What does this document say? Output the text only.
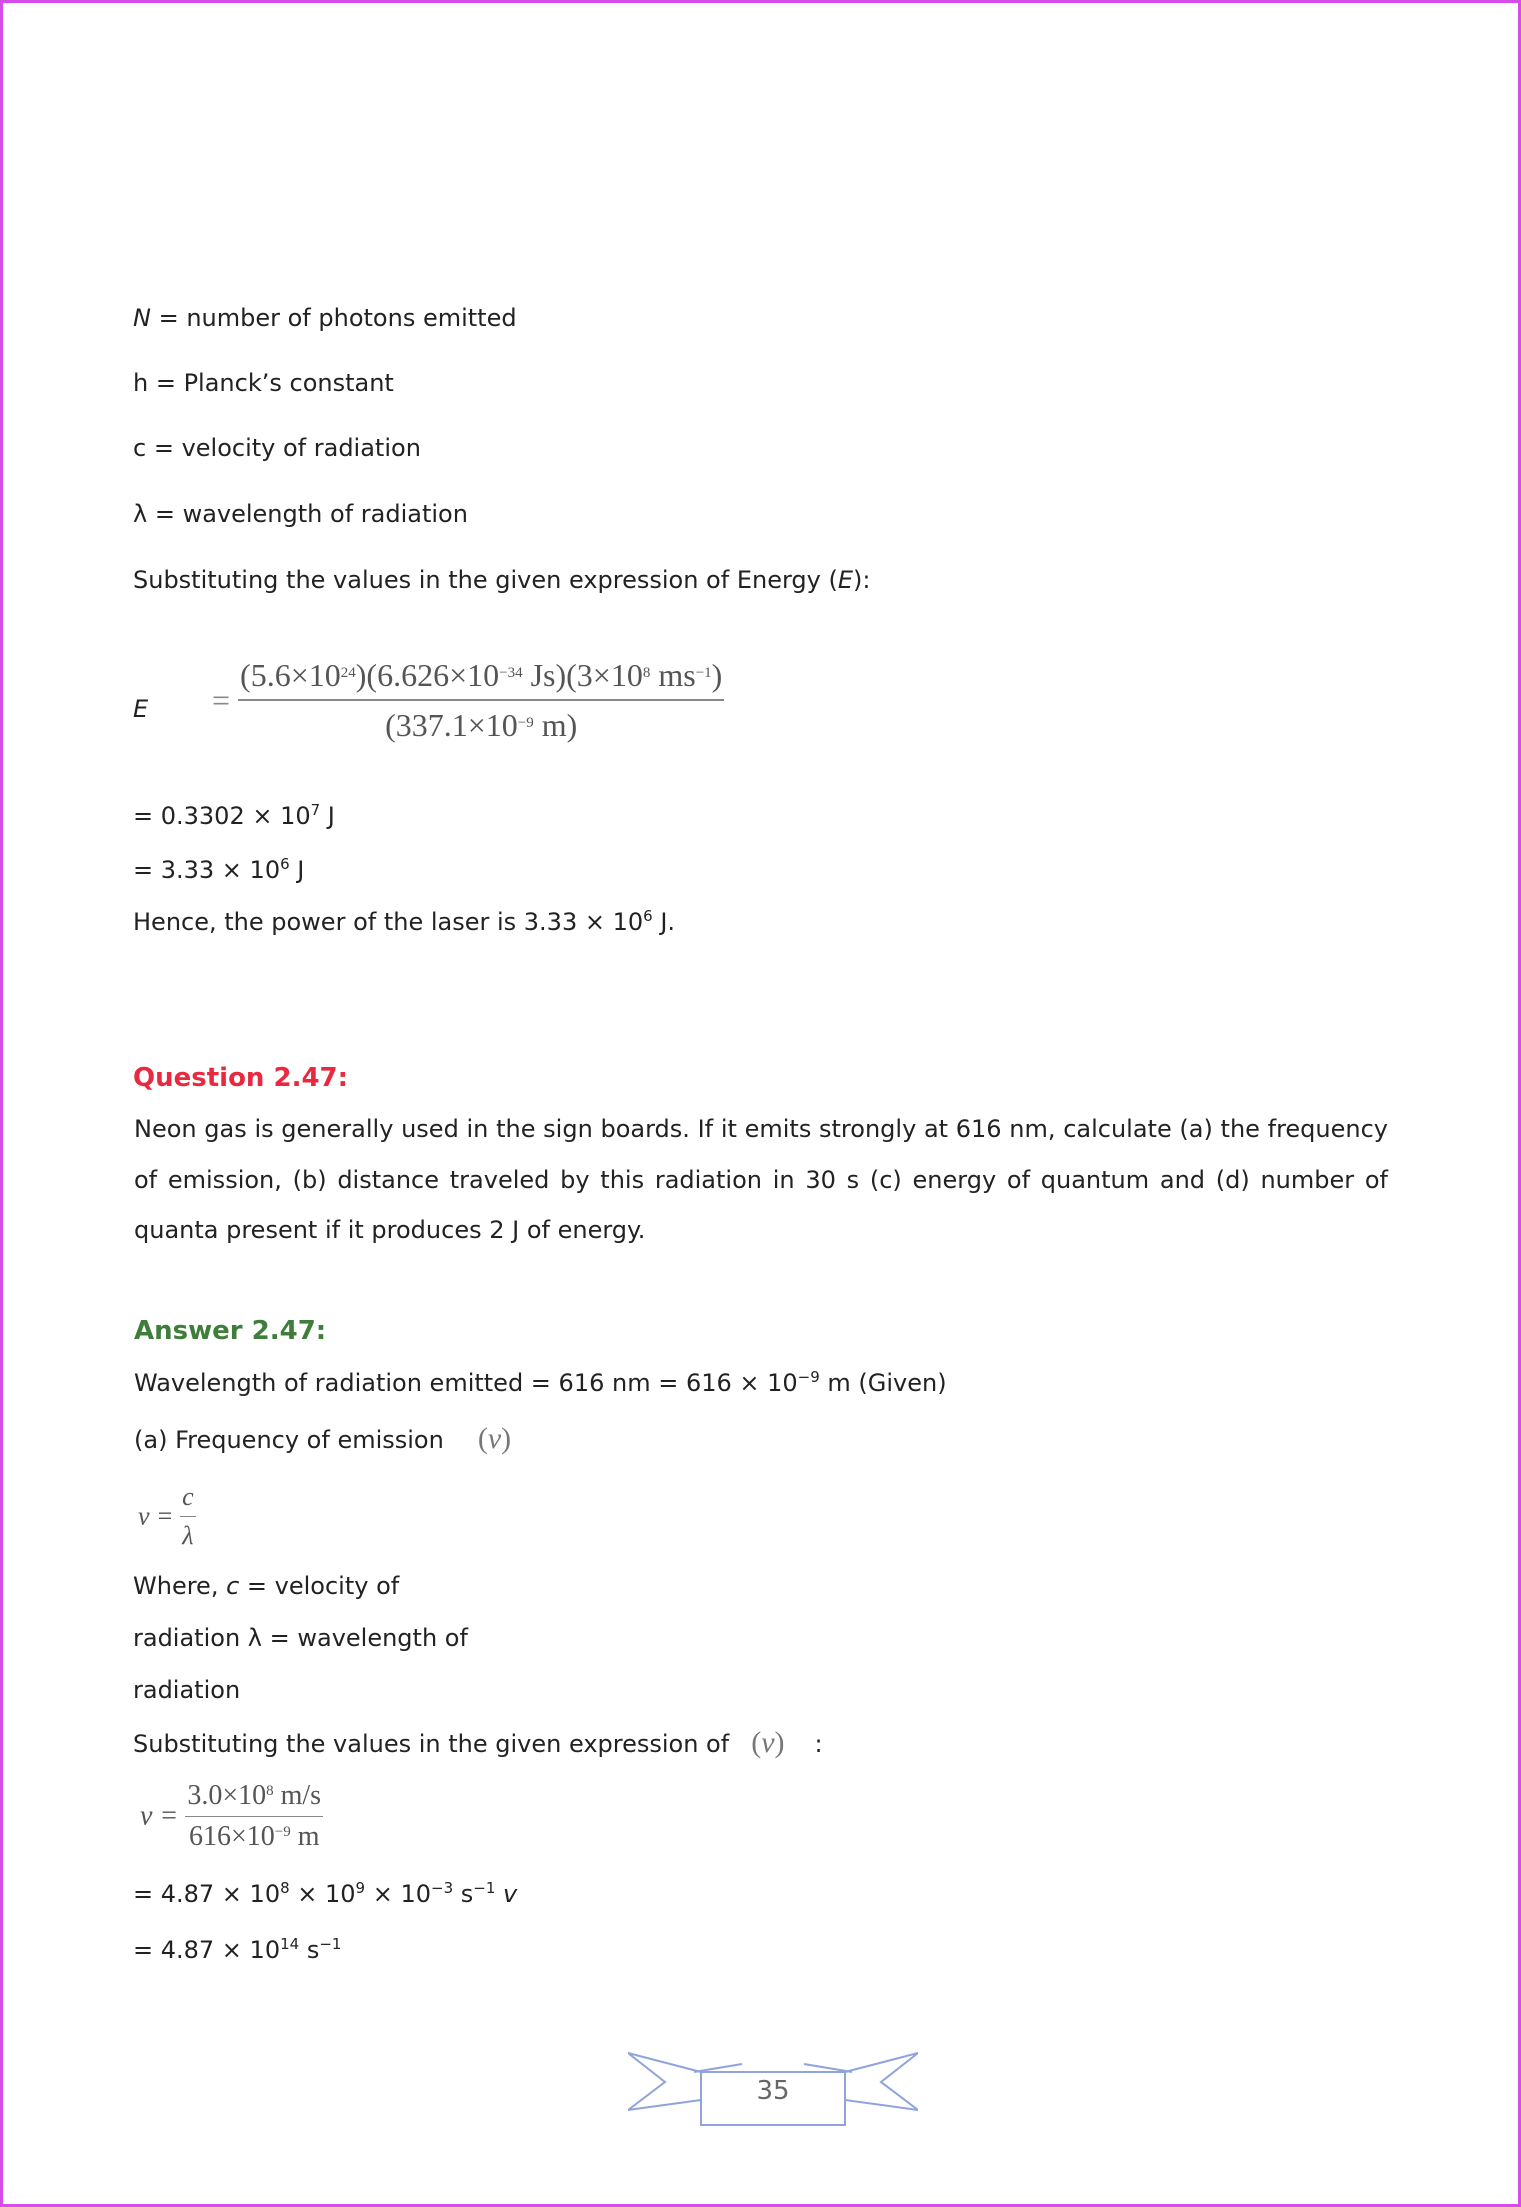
N = number of photons emitted
h = Planck’s constant
c = velocity of radiation
λ = wavelength of radiation
Substituting the values in the given expression of Energy (E):
$E = \frac{(5.6\times 10^{24})(6.626\times 10^{-34} Js)(3\times 10^8 ms^{-1})}{(337.1\times 10^{-9} m)}$
= $0.3302 \times 10^7$ J
= $3.33 \times 10^6$ J
Hence, the power of the laser is $3.33 \times 10^6$ J.
Question 2.47:
Neon gas is generally used in the sign boards. If it emits strongly at 616 nm, calculate (a) the frequency of emission, (b) distance traveled by this radiation in 30 s (c) energy of quantum and (d) number of quanta present if it produces 2 J of energy.
Answer 2.47:
Wavelength of radiation emitted = 616 nm = $616 \times 10^{-9}$ m (Given)
(a) Frequency of emission (ν)
$\nu = \frac{c}{\lambda}$
Where, c = velocity of
radiation λ = wavelength of
radiation
Substituting the values in the given expression of (ν) :
$\nu = \frac{3.0\times 10^8 m/s}{616\times 10^{-9} m}$
= $4.87 \times 10^8 \times 10^9 \times 10^{-3}$ $s^{-1}$ v
= $4.87 \times 10^{14}$ $s^{-1}$
35
